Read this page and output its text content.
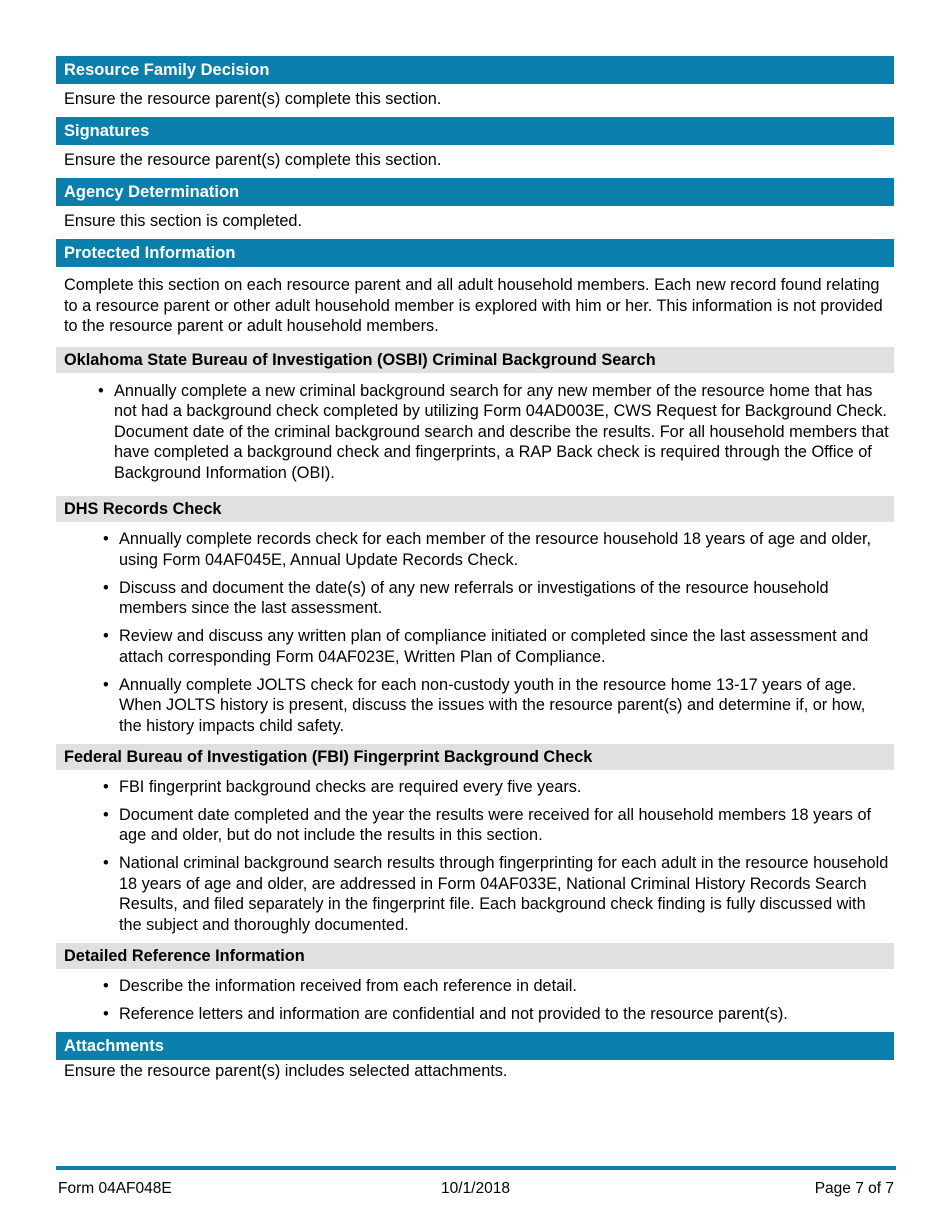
Resource Family Decision
Ensure the resource parent(s) complete this section.
Signatures
Ensure the resource parent(s) complete this section.
Agency Determination
Ensure this section is completed.
Protected Information
Complete this section on each resource parent and all adult household members. Each new record found relating to a resource parent or other adult household member is explored with him or her. This information is not provided to the resource parent or adult household members.
Oklahoma State Bureau of Investigation (OSBI) Criminal Background Search
• Annually complete a new criminal background search for any new member of the resource home that has not had a background check completed by utilizing Form 04AD003E, CWS Request for Background Check. Document date of the criminal background search and describe the results. For all household members that have completed a background check and fingerprints, a RAP Back check is required through the Office of Background Information (OBI).
DHS Records Check
• Annually complete records check for each member of the resource household 18 years of age and older, using Form 04AF045E, Annual Update Records Check.
• Discuss and document the date(s) of any new referrals or investigations of the resource household members since the last assessment.
• Review and discuss any written plan of compliance initiated or completed since the last assessment and attach corresponding Form 04AF023E, Written Plan of Compliance.
• Annually complete JOLTS check for each non-custody youth in the resource home 13-17 years of age. When JOLTS history is present, discuss the issues with the resource parent(s) and determine if, or how, the history impacts child safety.
Federal Bureau of Investigation (FBI) Fingerprint Background Check
• FBI fingerprint background checks are required every five years.
• Document date completed and the year the results were received for all household members 18 years of age and older, but do not include the results in this section.
• National criminal background search results through fingerprinting for each adult in the resource household 18 years of age and older, are addressed in Form 04AF033E, National Criminal History Records Search Results, and filed separately in the fingerprint file. Each background check finding is fully discussed with the subject and thoroughly documented.
Detailed Reference Information
• Describe the information received from each reference in detail.
• Reference letters and information are confidential and not provided to the resource parent(s).
Attachments
Ensure the resource parent(s) includes selected attachments.
Form 04AF048E	10/1/2018	Page 7 of 7
